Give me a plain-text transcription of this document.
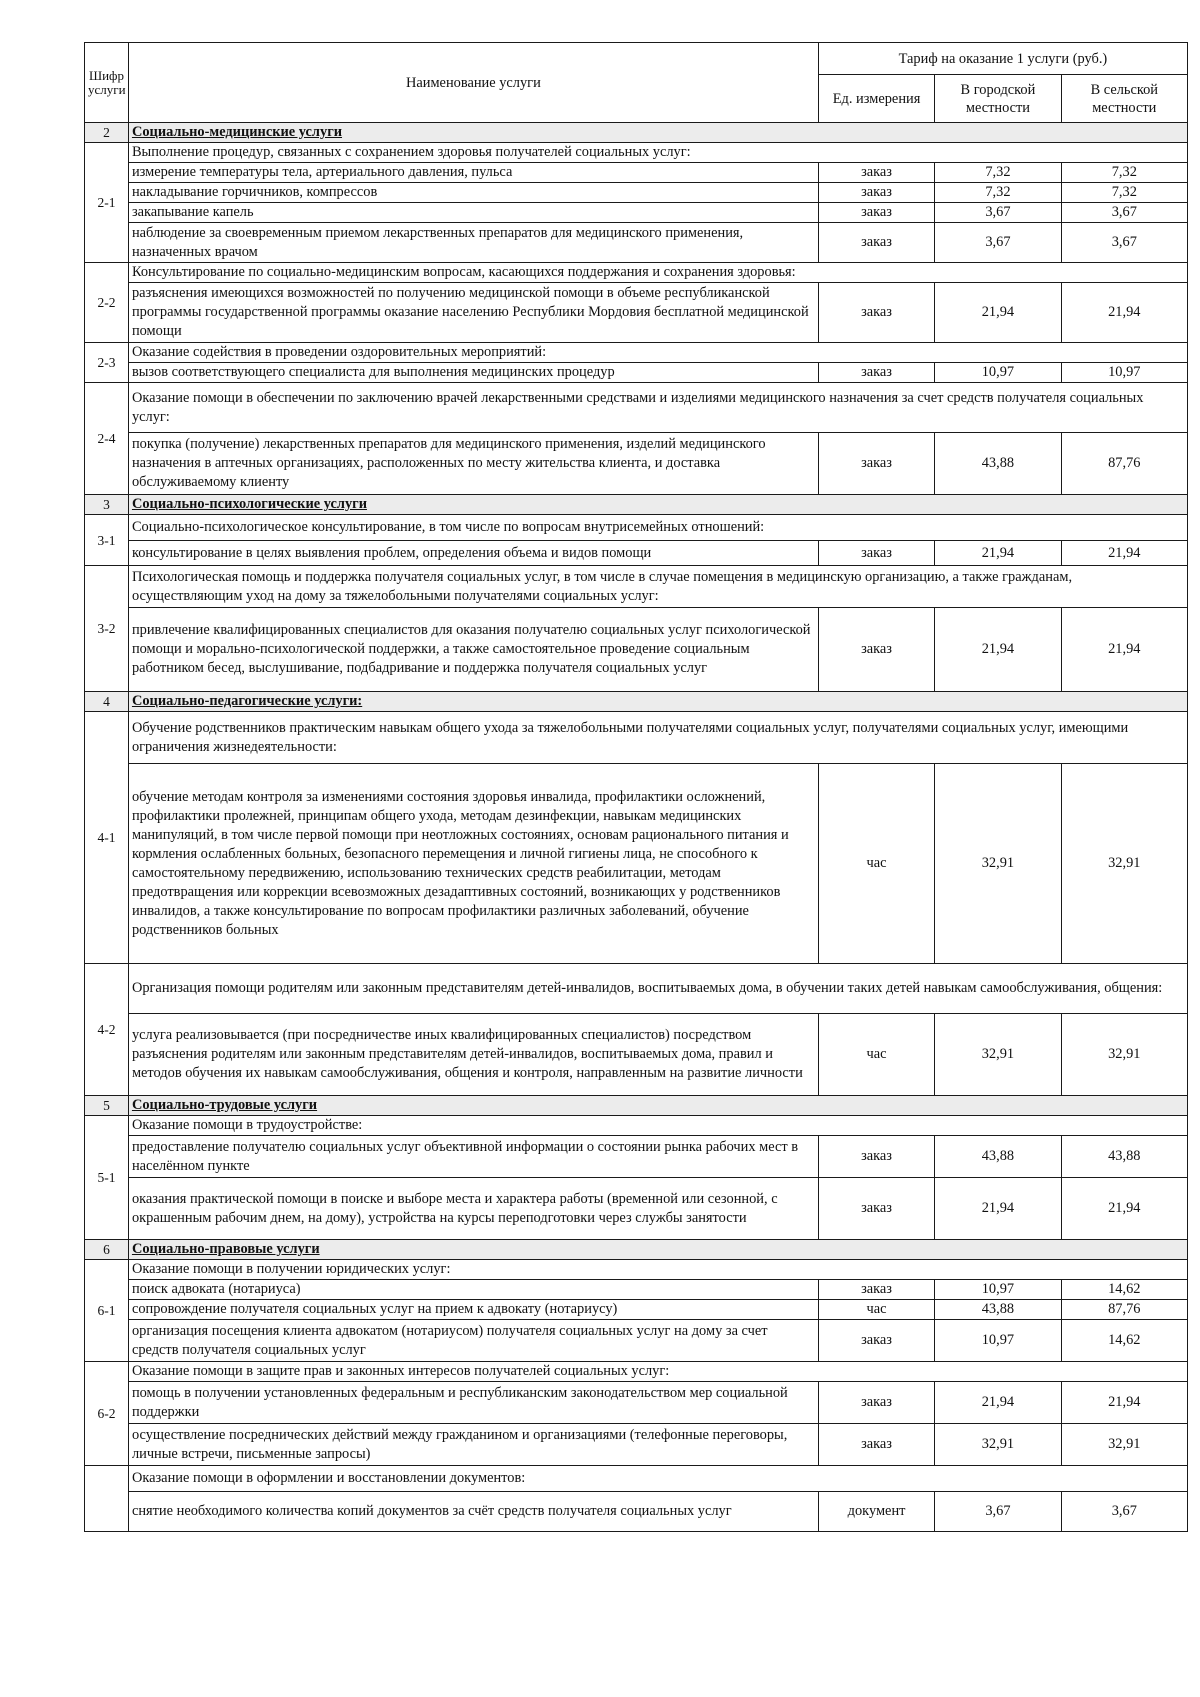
Шифр услуги	Наименование услуги	Тариф на оказание 1 услуги (руб.)		
		Ед. измерения	В городской местности	В сельской местности
2	Социально-медицинские услуги			
2-1	Выполнение процедур, связанных с сохранением здоровья получателей социальных услуг:			
	измерение температуры тела, артериального давления, пульса	заказ	7,32	7,32
	накладывание горчичников, компрессов	заказ	7,32	7,32
	закапывание капель	заказ	3,67	3,67
	наблюдение за своевременным приемом лекарственных препаратов для медицинского применения, назначенных врачом	заказ	3,67	3,67
2-2	Консультирование по социально-медицинским вопросам, касающихся поддержания и сохранения здоровья:			
	разъяснения имеющихся возможностей по получению медицинской помощи в объеме республиканской программы государственной программы оказание населению Республики Мордовия бесплатной медицинской помощи	заказ	21,94	21,94
2-3	Оказание содействия в проведении оздоровительных мероприятий:			
	вызов соответствующего специалиста для выполнения медицинских процедур	заказ	10,97	10,97
2-4	Оказание помощи в обеспечении по заключению врачей лекарственными средствами и изделиями медицинского назначения за счет средств получателя социальных услуг:			
	покупка (получение) лекарственных препаратов для медицинского применения, изделий медицинского назначения в аптечных организациях, расположенных по месту жительства клиента, и доставка обслуживаемому клиенту	заказ	43,88	87,76
3	Социально-психологические услуги			
3-1	Социально-психологическое консультирование, в том числе по вопросам внутрисемейных отношений:			
	консультирование в целях выявления проблем, определения объема и видов помощи	заказ	21,94	21,94
3-2	Психологическая помощь и поддержка получателя социальных услуг, в том числе в случае помещения в медицинскую организацию, а также гражданам, осуществляющим уход на дому за тяжелобольными получателями социальных услуг:			
	привлечение квалифицированных специалистов для оказания получателю социальных услуг психологической помощи и морально-психологической поддержки, а также самостоятельное проведение социальным работником бесед, выслушивание, подбадривание и поддержка получателя социальных услуг	заказ	21,94	21,94
4	Социально-педагогические услуги:			
4-1	Обучение родственников практическим навыкам общего ухода за тяжелобольными получателями социальных услуг, получателями социальных услуг, имеющими ограничения жизнедеятельности:			
	обучение методам контроля за изменениями состояния здоровья инвалида, профилактики осложнений, профилактики пролежней, принципам общего ухода, методам дезинфекции, навыкам медицинских манипуляций, в том числе первой помощи при неотложных состояниях, основам рационального питания и кормления ослабленных больных, безопасного перемещения и личной гигиены лица, не способного к самостоятельному передвижению, использованию технических средств реабилитации, методам предотвращения или коррекции всевозможных дезадаптивных состояний, возникающих у родственников инвалидов, а также консультирование по вопросам профилактики различных заболеваний, обучение родственников больных	час	32,91	32,91
4-2	Организация помощи родителям или законным представителям детей-инвалидов, воспитываемых дома, в обучении таких детей навыкам самообслуживания, общения:			
	услуга реализовывается (при посредничестве иных квалифицированных специалистов) посредством разъяснения родителям или законным представителям детей-инвалидов, воспитываемых дома, правил и методов обучения их навыкам самообслуживания, общения и контроля, направленным на развитие личности	час	32,91	32,91
5	Социально-трудовые услуги			
5-1	Оказание помощи в трудоустройстве:			
	предоставление получателю социальных услуг объективной информации о состоянии рынка рабочих мест в населённом пункте	заказ	43,88	43,88
	оказания практической помощи в поиске и выборе места и характера работы (временной или сезонной, с окрашенным рабочим днем, на дому), устройства на курсы переподготовки через службы занятости	заказ	21,94	21,94
6	Социально-правовые услуги			
6-1	Оказание помощи в получении юридических услуг:			
	поиск адвоката (нотариуса)	заказ	10,97	14,62
	сопровождение получателя социальных услуг на прием к адвокату (нотариусу)	час	43,88	87,76
	организация посещения клиента адвокатом (нотариусом) получателя социальных услуг на дому за счет средств получателя социальных услуг	заказ	10,97	14,62
6-2	Оказание помощи в защите прав и законных интересов получателей социальных услуг:			
	помощь в получении установленных федеральным и республиканским законодательством мер социальной поддержки	заказ	21,94	21,94
	осуществление посреднических действий между гражданином и организациями (телефонные переговоры, личные встречи, письменные запросы)	заказ	32,91	32,91
	Оказание помощи в оформлении и восстановлении документов:			
	снятие необходимого количества копий документов за счёт средств получателя социальных услуг	документ	3,67	3,67
